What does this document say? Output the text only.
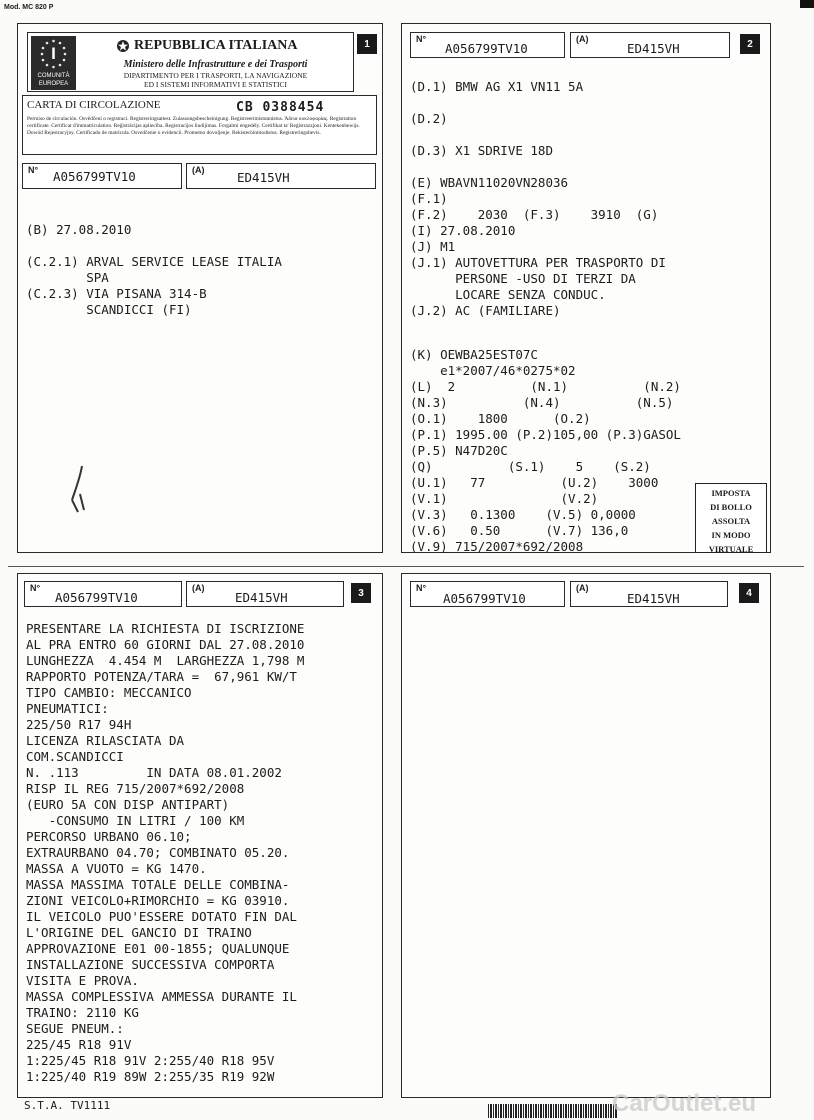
Mod. MC 820 P
1
I
COMUNITÀ
EUROPEA
REPUBBLICA ITALIANA
Ministero delle Infrastrutture e dei Trasporti
DIPARTIMENTO PER I TRASPORTI, LA NAVIGAZIONE
ED I SISTEMI INFORMATIVI E STATISTICI
CARTA DI CIRCOLAZIONE	CB 0388454
Permiso de circulación. Osvědčení o registraci. Registreringsattest. Zulassungsbescheinigung. Registreerimistunnistus. Άδεια κυκλοφορίας. Registration certificate. Certificat d'immatriculation. Reģistrācijas apliecība. Registracijos liudijimas. Forgalmi engedély. Certifikat ta' Reġistrazzjoni. Kentekenbewijs. Dowód Rejestracyjny. Certificado de matrícula. Osvedčenie o evidencii. Prometno dovoljenje. Rekisteröintitodistus. Registreringsbevis.
N° A056799TV10	(A)	ED415VH
(B) 27.08.2010
(C.2.1) ARVAL SERVICE LEASE ITALIA
SPA
(C.2.3) VIA PISANA 314-B
SCANDICCI (FI)
2
N°
A056799TV10
(A)
ED415VH
(D.1) BMW AG X1 VN11 5A
(D.2)
(D.3) X1 SDRIVE 18D
(E) WBAVN11020VN28036
(F.1)
(F.2)    2030  (F.3)    3910  (G)
(I) 27.08.2010
(J) M1
(J.1) AUTOVETTURA PER TRASPORTO DI
PERSONE -USO DI TERZI DA
LOCARE SENZA CONDUC.
(J.2) AC (FAMILIARE)
(K) OEWBA25EST07C
e1*2007/46*0275*02
(L)  2          (N.1)          (N.2)
(N.3)          (N.4)          (N.5)
(O.1)    1800      (O.2)
(P.1) 1995.00 (P.2)105,00 (P.3)GASOL
(P.5) N47D20C
(Q)          (S.1)    5    (S.2)
(U.1)   77          (U.2)    3000
(V.1)               (V.2)
(V.3)   0.1300    (V.5) 0,0000
(V.6)   0.50      (V.7) 136,0
(V.9) 715/2007*692/2008
IMPOSTA
DI BOLLO
ASSOLTA
IN MODO
VIRTUALE
3
N°
A056799TV10
(A)
ED415VH
PRESENTARE LA RICHIESTA DI ISCRIZIONE
AL PRA ENTRO 60 GIORNI DAL 27.08.2010
LUNGHEZZA  4.454 M  LARGHEZZA 1,798 M
RAPPORTO POTENZA/TARA =  67,961 KW/T
TIPO CAMBIO: MECCANICO
PNEUMATICI:
225/50 R17 94H
LICENZA RILASCIATA DA
COM.SCANDICCI
N. .113         IN DATA 08.01.2002
RISP IL REG 715/2007*692/2008
(EURO 5A CON DISP ANTIPART)
-CONSUMO IN LITRI / 100 KM
PERCORSO URBANO 06.10;
EXTRAURBANO 04.70; COMBINATO 05.20.
MASSA A VUOTO = KG 1470.
MASSA MASSIMA TOTALE DELLE COMBINA-
ZIONI VEICOLO+RIMORCHIO = KG 03910.
IL VEICOLO PUO'ESSERE DOTATO FIN DAL
L'ORIGINE DEL GANCIO DI TRAINO
APPROVAZIONE E01 00-1855; QUALUNQUE
INSTALLAZIONE SUCCESSIVA COMPORTA
VISITA E PROVA.
MASSA COMPLESSIVA AMMESSA DURANTE IL
TRAINO: 2110 KG
SEGUE PNEUM.:
225/45 R18 91V
1:225/45 R18 91V 2:255/40 R18 95V
1:225/40 R19 89W 2:255/35 R19 92W
4
N°
A056799TV10
(A)
ED415VH
S.T.A. TV1111	CarOutlet.eu
